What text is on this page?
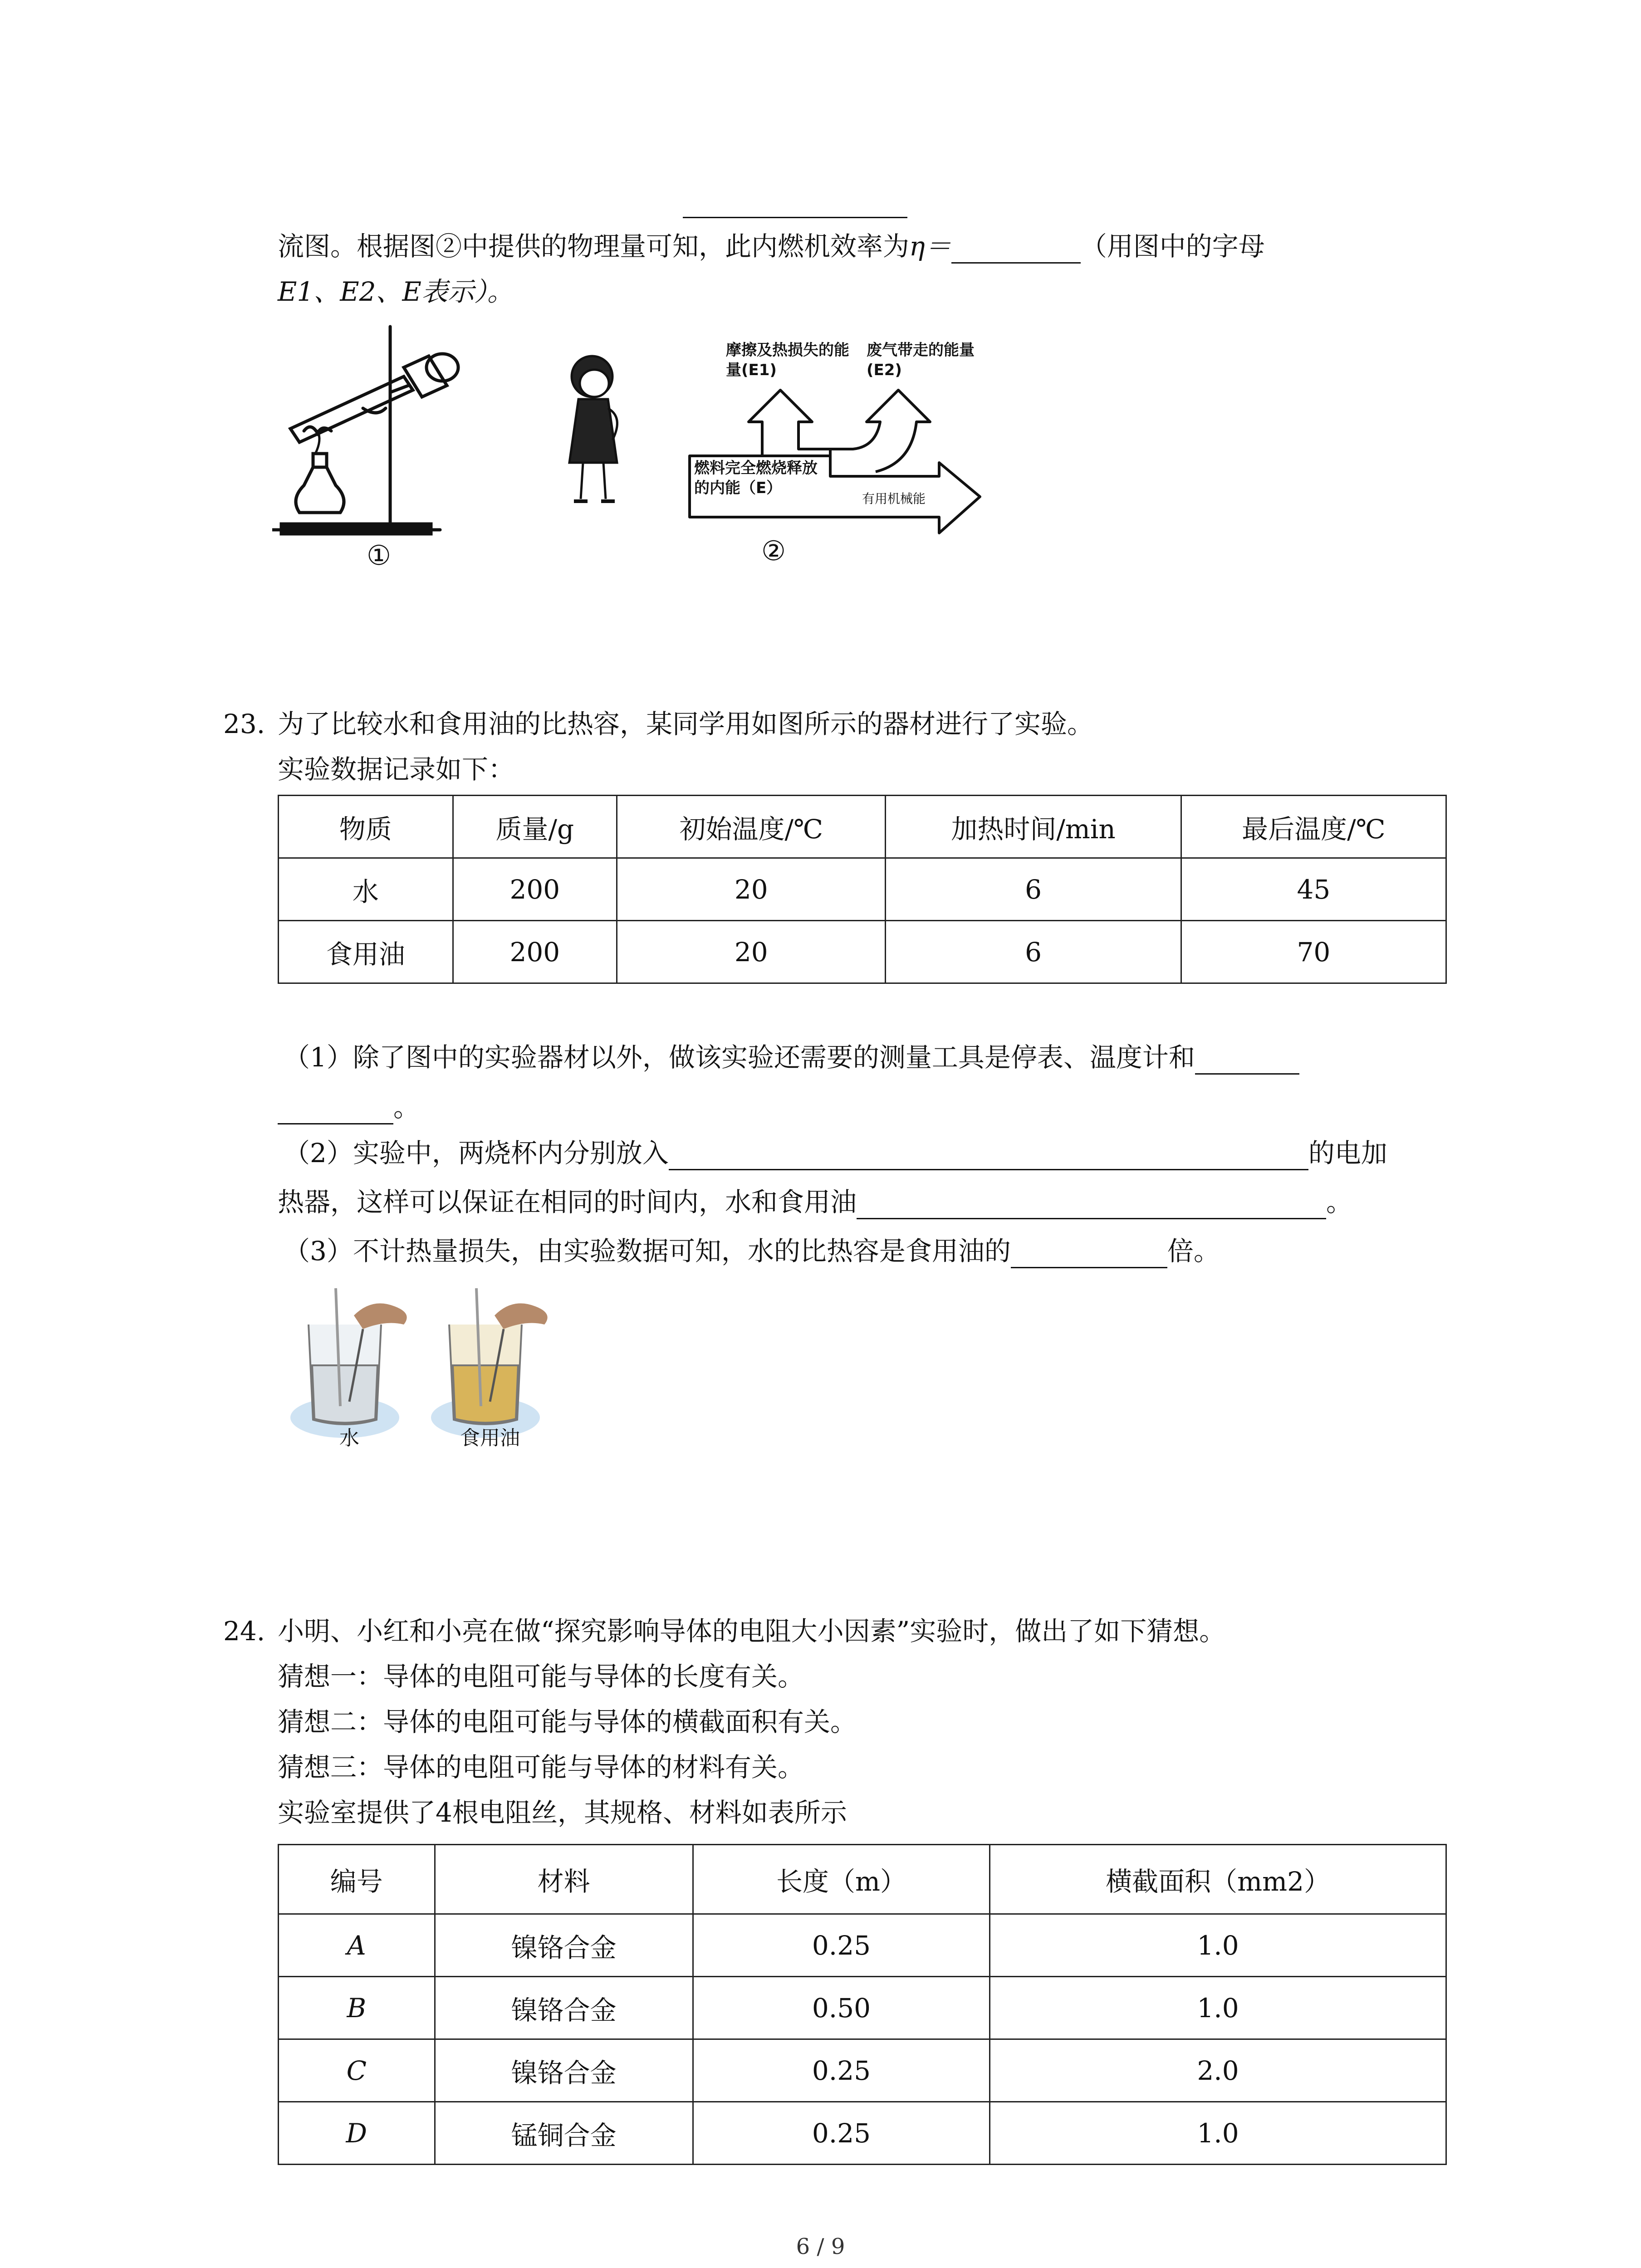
流图。根据图②中提供的物理量可知，此内燃机效率为η＝	（用图中的字母
E1、E2、E表示）。
①
摩擦及热损失的能量(E1)
废气带走的能量(E2)
燃料完全燃烧释放的内能（E）
有用机械能
②
23. 为了比较水和食用油的比热容，某同学用如图所示的器材进行了实验。
实验数据记录如下：
物质	质量/g	初始温度/℃	加热时间/min	最后温度/℃
水	200	20	6	45
食用油	200	20	6	70
（1）除了图中的实验器材以外，做该实验还需要的测量工具是停表、温度计和
。
（2）实验中，两烧杯内分别放入	的电加
热器，这样可以保证在相同的时间内，水和食用油	。
（3）不计热量损失，由实验数据可知，水的比热容是食用油的	倍。
水	食用油
24. 小明、小红和小亮在做“探究影响导体的电阻大小因素”实验时，做出了如下猜想。
猜想一：导体的电阻可能与导体的长度有关。
猜想二：导体的电阻可能与导体的横截面积有关。
猜想三：导体的电阻可能与导体的材料有关。
实验室提供了4根电阻丝，其规格、材料如表所示
编号	材料	长度（m）	横截面积（mm2）
A	镍铬合金	0.25	1.0
B	镍铬合金	0.50	1.0
C	镍铬合金	0.25	2.0
D	锰铜合金	0.25	1.0
6 / 9
